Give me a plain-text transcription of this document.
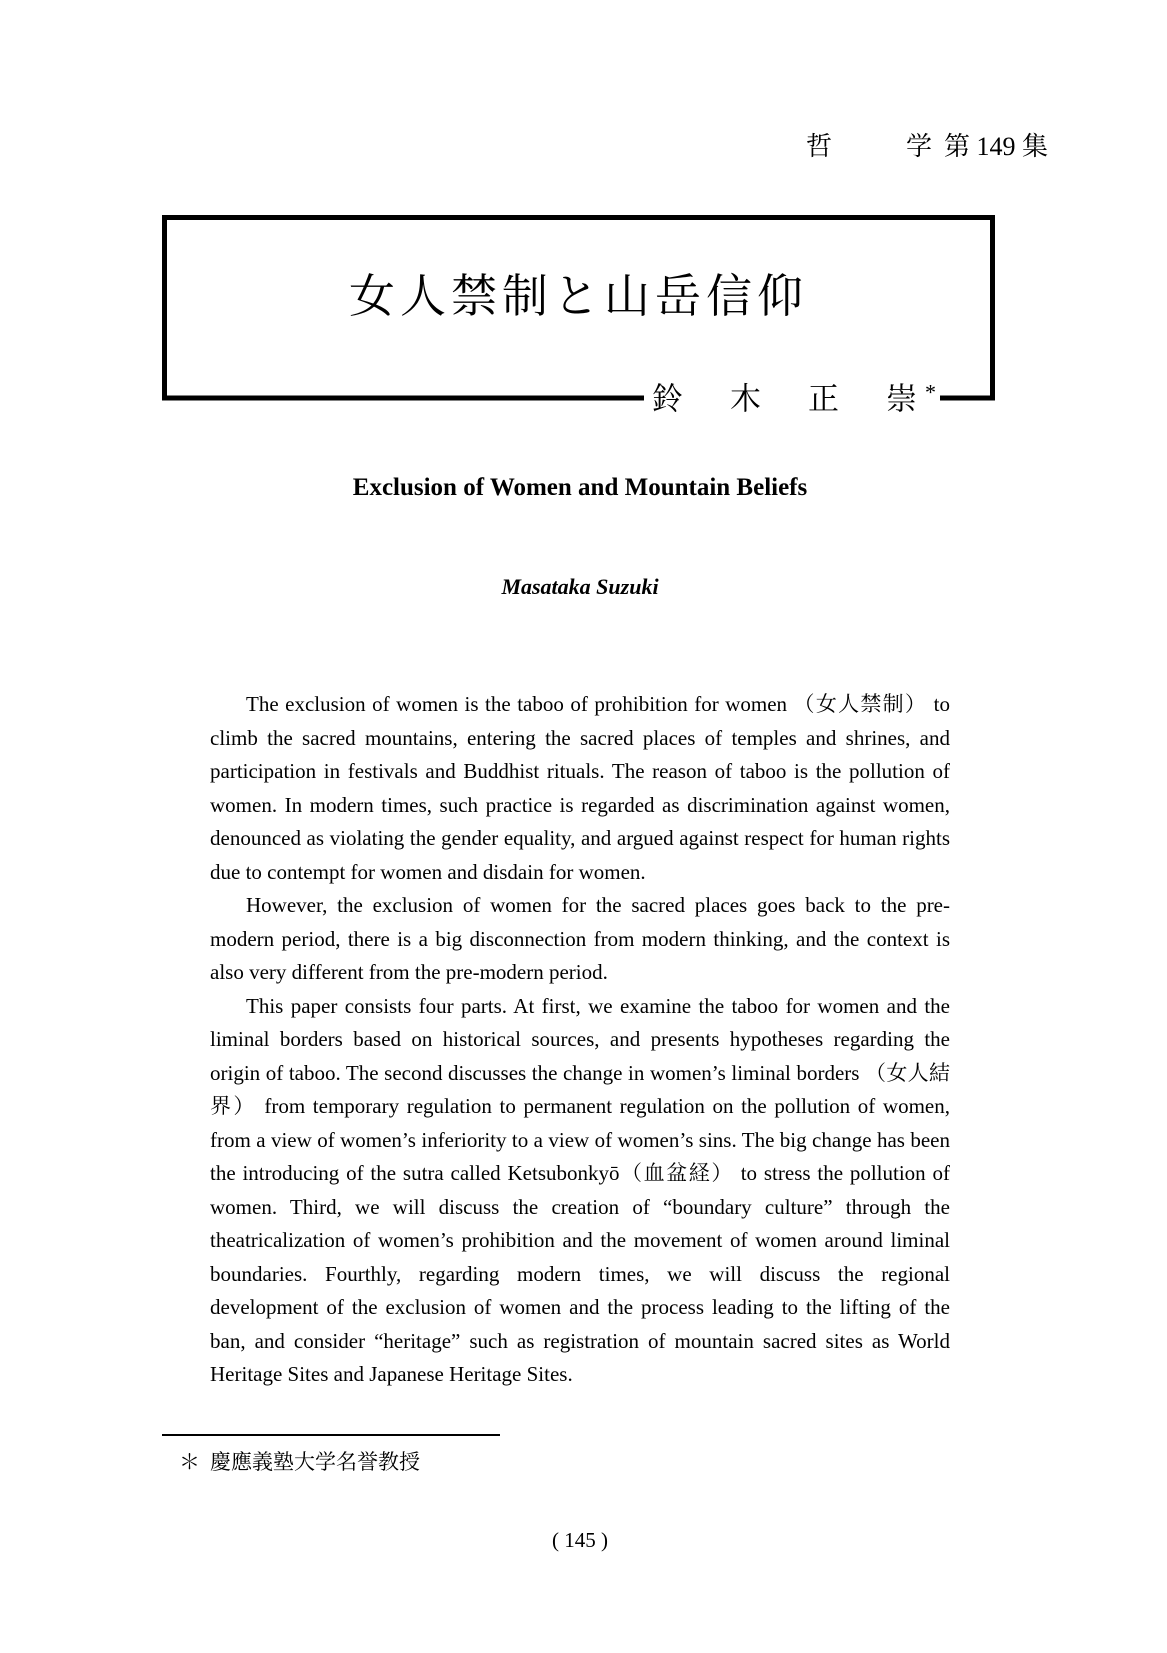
哲	学 第 149 集
女人禁制と山岳信仰
鈴　木　正　崇*
Exclusion of Women and Mountain Beliefs
Masataka Suzuki

The exclusion of women is the taboo of prohibition for women （女人禁制） to climb the sacred mountains, entering the sacred places of temples and shrines, and participation in festivals and Buddhist rituals. The reason of taboo is the pollution of women. In modern times, such practice is regarded as discrimination against women, denounced as violating the gender equality, and argued against respect for human rights due to contempt for women and disdain for women.

However, the exclusion of women for the sacred places goes back to the pre-modern period, there is a big disconnection from modern thinking, and the context is also very different from the pre-modern period.

This paper consists four parts. At first, we examine the taboo for women and the liminal borders based on historical sources, and presents hypotheses regarding the origin of taboo. The second discusses the change in women’s liminal borders （女人結界） from temporary regulation to permanent regulation on the pollution of women, from a view of women’s inferiority to a view of women’s sins. The big change has been the introducing of the sutra called Ketsubonkyō（血盆経） to stress the pollution of women. Third, we will discuss the creation of “boundary culture” through the theatricalization of women’s prohibition and the movement of women around liminal boundaries. Fourthly, regarding modern times, we will discuss the regional development of the exclusion of women and the process leading to the lifting of the ban, and consider “heritage” such as registration of mountain sacred sites as World Heritage Sites and Japanese Heritage Sites.

＊ 慶應義塾大学名誉教授
( 145 )
